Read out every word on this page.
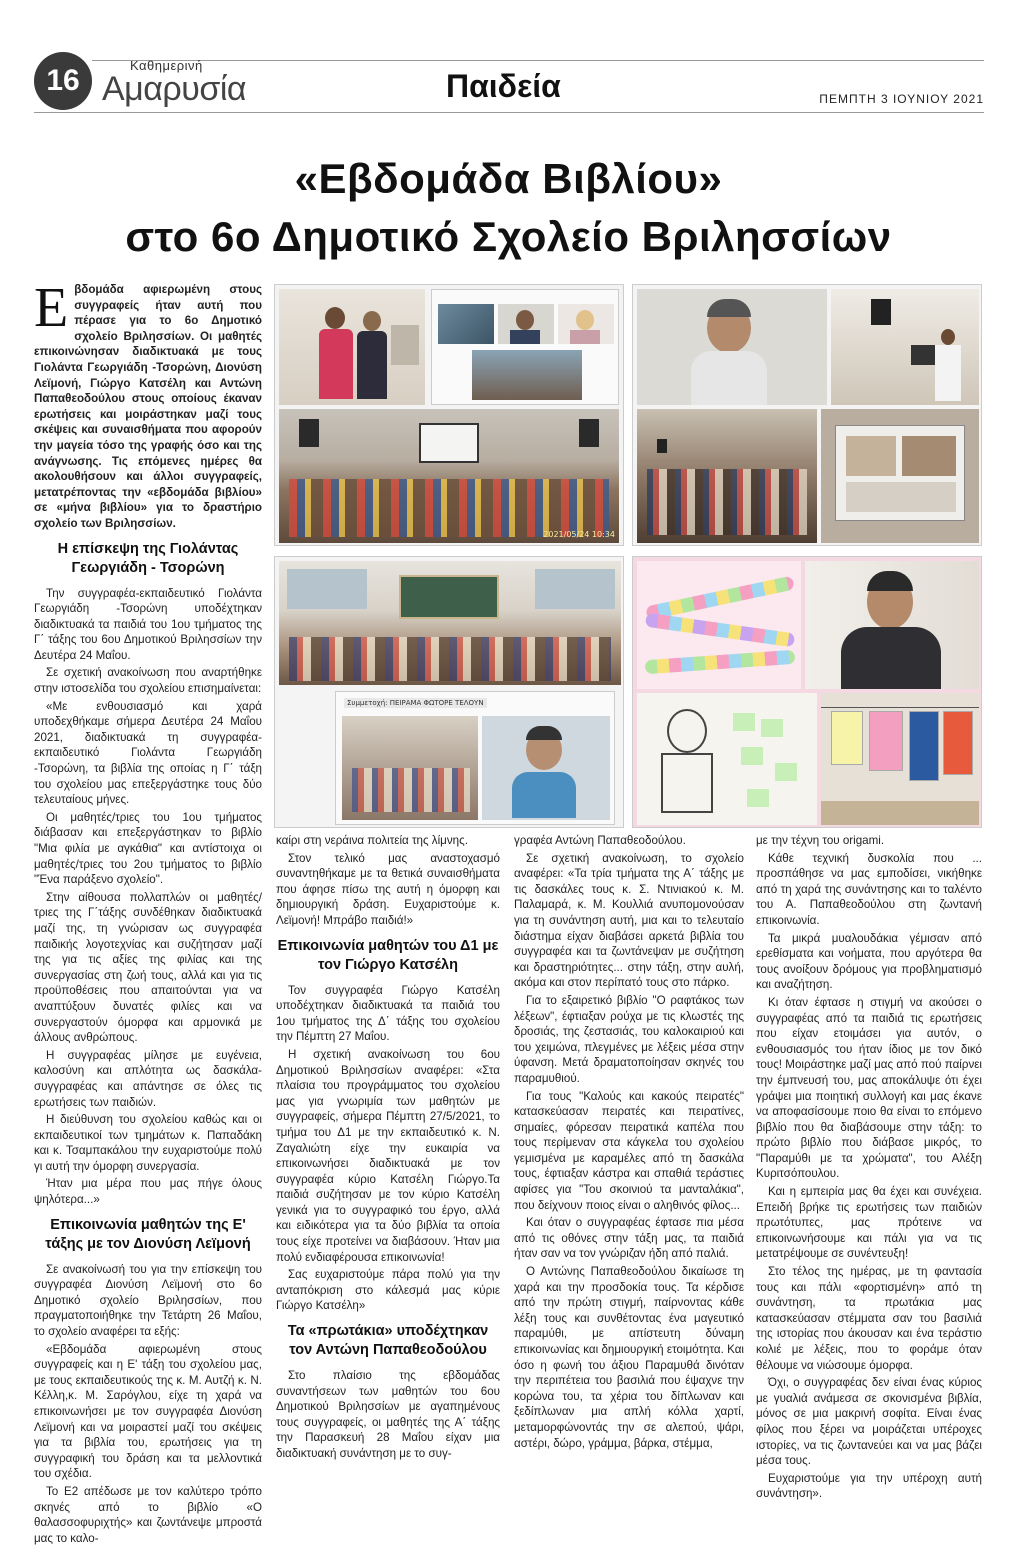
16	Καθημερινή
Αμαρυσία	Παιδεία	ΠΕΜΠΤΗ 3 ΙΟΥΝΙΟΥ 2021
«Εβδομάδα Βιβλίου»
στο 6ο Δημοτικό Σχολείο Βριλησσίων

Εβδομάδα αφιερωμένη στους συγγραφείς ήταν αυτή που πέρασε για το 6ο Δημοτικό σχολείο Βριλησσίων. Οι μαθητές επικοινώνησαν διαδικτυακά με τους Γιολάντα Γεωργιάδη -Τσορώνη, Διονύση Λεϊμονή, Γιώργο Κατσέλη και Αντώνη Παπαθεοδούλου στους οποίους έκαναν ερωτήσεις και μοιράστηκαν μαζί τους σκέψεις και συναισθήματα που αφορούν την μαγεία τόσο της γραφής όσο και της ανάγνωσης. Τις επόμενες ημέρες θα ακολουθήσουν και άλλοι συγγραφείς, μετατρέποντας την «εβδομάδα βιβλίου» σε «μήνα βιβλίου» για το δραστήριο σχολείο των Βριλησσίων.

Η επίσκεψη της Γιολάντας Γεωργιάδη - Τσορώνη

Την συγγραφέα-εκπαιδευτικό Γιολάντα Γεωργιάδη -Τσορώνη υποδέχτηκαν διαδικτυακά τα παιδιά του 1ου τμήματος της Γ΄ τάξης του 6ου Δημοτικού Βριλησσίων την Δευτέρα 24 Μαΐου.

Σε σχετική ανακοίνωση που αναρτήθηκε στην ιστοσελίδα του σχολείου επισημαίνεται:

«Με ενθουσιασμό και χαρά υποδεχθήκαμε σήμερα Δευτέρα 24 Μαΐου 2021, διαδικτυακά τη συγγραφέα-εκπαιδευτικό Γιολάντα Γεωργιάδη -Τσορώνη, τα βιβλία της οποίας η Γ΄ τάξη του σχολείου μας επεξεργάστηκε τους δύο τελευταίους μήνες.

Οι μαθητές/τριες του 1ου τμήματος διάβασαν και επεξεργάστηκαν το βιβλίο "Μια φιλία με αγκάθια" και αντίστοιχα οι μαθητές/τριες του 2ου τμήματος το βιβλίο "Ένα παράξενο σχολείο".

Στην αίθουσα πολλαπλών οι μαθητές/τριες της Γ΄τάξης συνδέθηκαν διαδικτυακά μαζί της, τη γνώρισαν ως συγγραφέα παιδικής λογοτεχνίας και συζήτησαν μαζί της για τις αξίες της φιλίας και της συνεργασίας στη ζωή τους, αλλά και για τις προϋποθέσεις που απαιτούνται για να αναπτύξουν δυνατές φιλίες και να συνεργαστούν όμορφα και αρμονικά με άλλους ανθρώπους.

Η συγγραφέας μίλησε με ευγένεια, καλοσύνη και απλότητα ως δασκάλα-συγγραφέας και απάντησε σε όλες τις ερωτήσεις των παιδιών.

Η διεύθυνση του σχολείου καθώς και οι εκπαιδευτικοί των τμημάτων κ. Παπαδάκη και κ. Τσαμπακάλου την ευχαριστούμε πολύ γι αυτή την όμορφη συνεργασία.

Ήταν μια μέρα που μας πήγε όλους ψηλότερα...»

Επικοινωνία μαθητών της Ε' τάξης με τον Διονύση Λεϊμονή

Σε ανακοίνωσή του για την επίσκεψη του συγγραφέα Διονύση Λεϊμονή στο 6ο Δημοτικό σχολείο Βριλησσίων, που πραγματοποιήθηκε την Τετάρτη 26 Μαΐου, το σχολείο αναφέρει τα εξής:

«Εβδομάδα αφιερωμένη στους συγγραφείς και η Ε' τάξη του σχολείου μας, με τους εκπαιδευτικούς της κ. Μ. Αυτζή κ. Ν. Κέλλη,κ. Μ. Σαρόγλου, είχε τη χαρά να επικοινωνήσει με τον συγγραφέα Διονύση Λεϊμονή και να μοιραστεί μαζί του σκέψεις για τα βιβλία του, ερωτήσεις για τη συγγραφική του δράση και τα μελλοντικά του σχέδια.

Το Ε2 απέδωσε με τον καλύτερο τρόπο σκηνές από το βιβλίο «Ο θαλασσοφυριχτής» και ζωντάνεψε μπροστά μας το καλο-

καίρι στη νεράινα πολιτεία της λίμνης.

Στον τελικό μας αναστοχασμό συναντηθήκαμε με τα θετικά συναισθήματα που άφησε πίσω της αυτή η όμορφη και δημιουργική δράση. Ευχαριστούμε κ. Λεϊμονή! Μπράβο παιδιά!»

Επικοινωνία μαθητών του Δ1 με τον Γιώργο Κατσέλη

Τον συγγραφέα Γιώργο Κατσέλη υποδέχτηκαν διαδικτυακά τα παιδιά του 1ου τμήματος της Δ΄ τάξης του σχολείου την Πέμπτη 27 Μαΐου.

Η σχετική ανακοίνωση του 6ου Δημοτικού Βριλησσίων αναφέρει: «Στα πλαίσια του προγράμματος του σχολείου μας για γνωριμία των μαθητών με συγγραφείς, σήμερα Πέμπτη 27/5/2021, το τμήμα του Δ1 με την εκπαιδευτικό κ. Ν. Ζαγαλιώτη είχε την ευκαιρία να επικοινωνήσει διαδικτυακά με τον συγγραφέα κύριο Κατσέλη Γιώργο.Τα παιδιά συζήτησαν με τον κύριο Κατσέλη γενικά για το συγγραφικό του έργο, αλλά και ειδικότερα για τα δύο βιβλία τα οποία τους είχε προτείνει να διαβάσουν. Ήταν μια πολύ ενδιαφέρουσα επικοινωνία!

Σας ευχαριστούμε πάρα πολύ για την ανταπόκριση στο κάλεσμά μας κύριε Γιώργο Κατσέλη»

Τα «πρωτάκια» υποδέχτηκαν τον Αντώνη Παπαθεοδούλου

Στο πλαίσιο της εβδομάδας συναντήσεων των μαθητών του 6ου Δημοτικού Βριλησσίων με αγαπημένους τους συγγραφείς, οι μαθητές της Α΄ τάξης την Παρασκευή 28 Μαΐου είχαν μια διαδικτυακή συνάντηση με το συγ-

γραφέα Αντώνη Παπαθεοδούλου.

Σε σχετική ανακοίνωση, το σχολείο αναφέρει: «Τα τρία τμήματα της Α΄ τάξης με τις δασκάλες τους κ. Σ. Ντινιακού κ. Μ. Παλαμαρά, κ. Μ. Κουλλιά ανυπομονούσαν για τη συνάντηση αυτή, μια και το τελευταίο διάστημα είχαν διαβάσει αρκετά βιβλία του συγγραφέα και τα ζωντάνεψαν με συζήτηση και δραστηριότητες... στην τάξη, στην αυλή, ακόμα και στον περίπατό τους στο πάρκο.

Για το εξαιρετικό βιβλίο "Ο ραφτάκος των λέξεων", έφτιαξαν ρούχα με τις κλωστές της δροσιάς, της ζεστασιάς, του καλοκαιριού και του χειμώνα, πλεγμένες με λέξεις μέσα στην ύφανση. Μετά δραματοποίησαν σκηνές του παραμυθιού.

Για τους "Καλούς και κακούς πειρατές" κατασκεύασαν πειρατές και πειρατίνες, σημαίες, φόρεσαν πειρατικά καπέλα που τους περίμεναν στα κάγκελα του σχολείου γεμισμένα με καραμέλες από τη δασκάλα τους, έφτιαξαν κάστρα και σπαθιά τεράστιες αφίσες για "Του σκοινιού τα μανταλάκια", που δείχνουν ποιος είναι ο αληθινός φίλος...

Και όταν ο συγγραφέας έφτασε πια μέσα από τις οθόνες στην τάξη μας, τα παιδιά ήταν σαν να τον γνώριζαν ήδη από παλιά.

Ο Αντώνης Παπαθεοδούλου δικαίωσε τη χαρά και την προσδοκία τους. Τα κέρδισε από την πρώτη στιγμή, παίρνοντας κάθε λέξη τους και συνθέτοντας ένα μαγευτικό παραμύθι, με απίστευτη δύναμη επικοινωνίας και δημιουργική ετοιμότητα. Και όσο η φωνή του άξιου Παραμυθά δινόταν την περιπέτεια του βασιλιά που έψαχνε την κορώνα του, τα χέρια του δίπλωναν και ξεδίπλωναν μια απλή κόλλα χαρτί, μεταμορφώνοντάς την σε αλεπού, ψάρι, αστέρι, δώρο, γράμμα, βάρκα, στέμμα,

με την τέχνη του origami.

Κάθε τεχνική δυσκολία που ... προσπάθησε να μας εμποδίσει, νικήθηκε από τη χαρά της συνάντησης και το ταλέντο του Α. Παπαθεοδούλου στη ζωντανή επικοινωνία.

Τα μικρά μυαλουδάκια γέμισαν από ερεθίσματα και νοήματα, που αργότερα θα τους ανοίξουν δρόμους για προβληματισμό και αναζήτηση.

Κι όταν έφτασε η στιγμή να ακούσει ο συγγραφέας από τα παιδιά τις ερωτήσεις που είχαν ετοιμάσει για αυτόν, ο ενθουσιασμός του ήταν ίδιος με τον δικό τους! Μοιράστηκε μαζί μας από πού παίρνει την έμπνευσή του, μας αποκάλυψε ότι έχει γράψει μια ποιητική συλλογή και μας έκανε να αποφασίσουμε ποιο θα είναι το επόμενο βιβλίο που θα διαβάσουμε στην τάξη: το πρώτο βιβλίο που διάβασε μικρός, το "Παραμύθι με τα χρώματα", του Αλέξη Κυριτσόπουλου.

Και η εμπειρία μας θα έχει και συνέχεια. Επειδή βρήκε τις ερωτήσεις των παιδιών πρωτότυπες, μας πρότεινε να επικοινωνήσουμε και πάλι για να τις μετατρέψουμε σε συνέντευξη!

Στο τέλος της ημέρας, με τη φαντασία τους και πάλι «φορτισμένη» από τη συνάντηση, τα πρωτάκια μας κατασκεύασαν στέμματα σαν του βασιλιά της ιστορίας που άκουσαν και ένα τεράστιο κολιέ με λέξεις, που το φοράμε όταν θέλουμε να νιώσουμε όμορφα.

Όχι, ο συγγραφέας δεν είναι ένας κύριος με γυαλιά ανάμεσα σε σκονισμένα βιβλία, μόνος σε μια μακρινή σοφίτα. Είναι ένας φίλος που ξέρει να μοιράζεται υπέροχες ιστορίες, να τις ζωντανεύει και να μας βάζει μέσα τους.

Ευχαριστούμε για την υπέροχη αυτή συνάντηση».

2021/05/24 10:34
Συμμετοχή: ΠΕΙΡΑΜΑ ΦΩΤΟΡΕ ΤΕΛΟΥΝ
